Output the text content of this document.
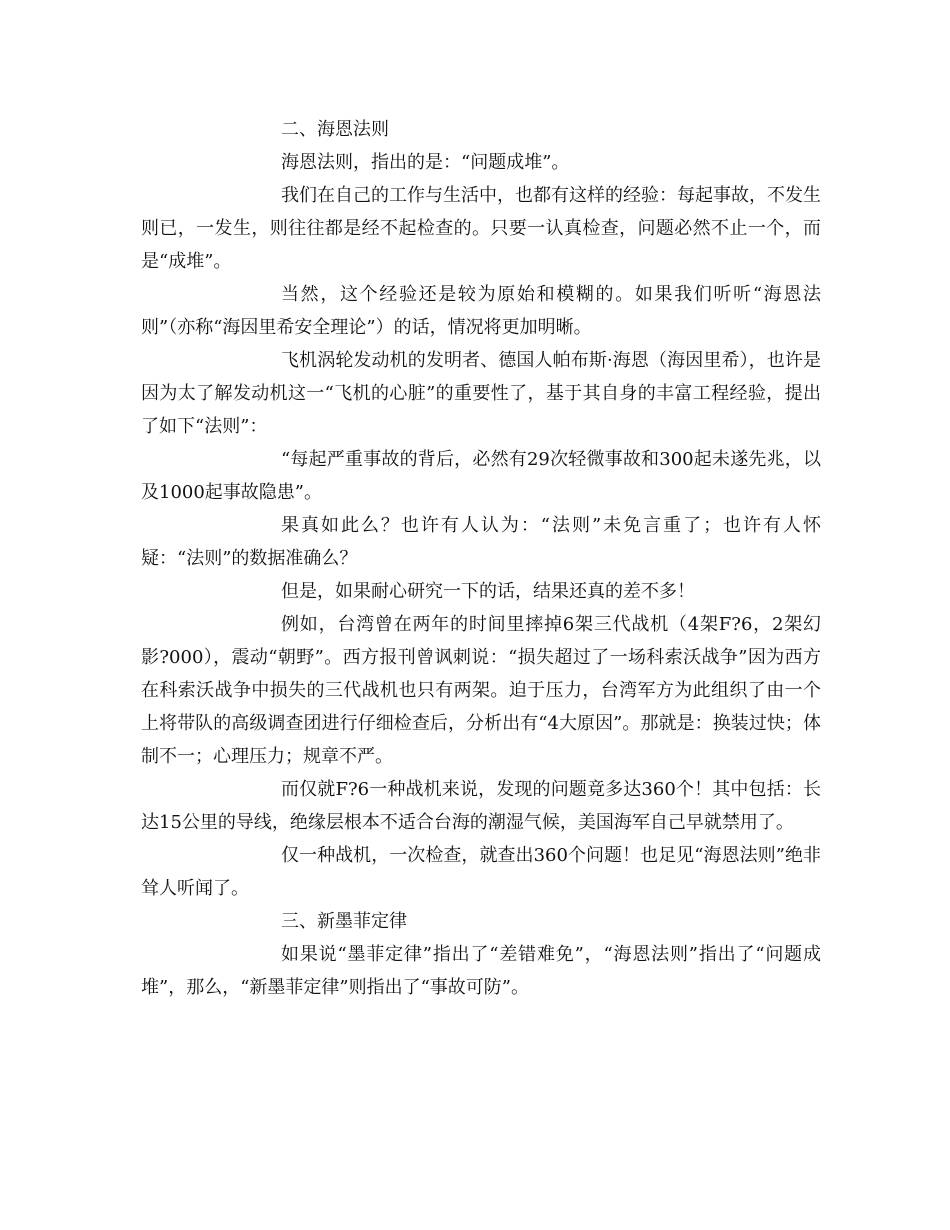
二、海恩法则

海恩法则，指出的是：“问题成堆”。

我们在自己的工作与生活中，也都有这样的经验：每起事故，不发生则已，一发生，则往往都是经不起检查的。只要一认真检查，问题必然不止一个，而是“成堆”。

当然，这个经验还是较为原始和模糊的。如果我们听听“海恩法则”（亦称“海因里希安全理论”）的话，情况将更加明晰。

飞机涡轮发动机的发明者、德国人帕布斯·海恩（海因里希），也许是因为太了解发动机这一“飞机的心脏”的重要性了，基于其自身的丰富工程经验，提出了如下“法则”：

“每起严重事故的背后，必然有29次轻微事故和300起未遂先兆，以及1000起事故隐患”。

果真如此么？也许有人认为：“法则”未免言重了；也许有人怀疑：“法则”的数据准确么？

但是，如果耐心研究一下的话，结果还真的差不多！

例如，台湾曾在两年的时间里摔掉6架三代战机（4架F?6，2架幻影?000），震动“朝野”。西方报刊曾讽刺说：“损失超过了一场科索沃战争”因为西方在科索沃战争中损失的三代战机也只有两架。迫于压力，台湾军方为此组织了由一个上将带队的高级调查团进行仔细检查后，分析出有“4大原因”。那就是：换装过快；体制不一；心理压力；规章不严。

而仅就F?6一种战机来说，发现的问题竟多达360个！其中包括：长达15公里的导线，绝缘层根本不适合台海的潮湿气候，美国海军自己早就禁用了。

仅一种战机，一次检查，就查出360个问题！也足见“海恩法则”绝非耸人听闻了。

三、新墨菲定律

如果说“墨菲定律”指出了“差错难免”，“海恩法则”指出了“问题成堆”，那么，“新墨菲定律”则指出了“事故可防”。
